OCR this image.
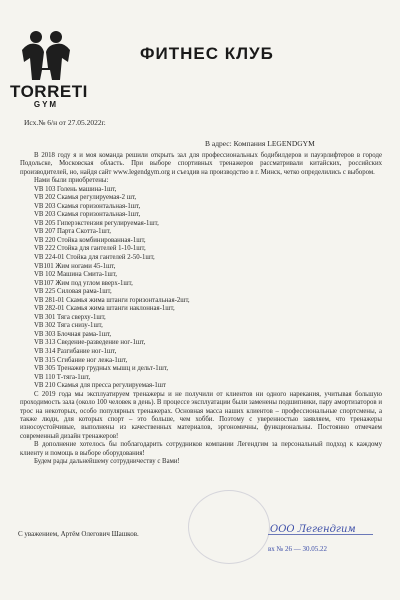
TORRETI
GYM
ФИТНЕС КЛУБ
Исх.№ 6/н от 27.05.2022г.
В адрес: Компания LEGENDGYM

В 2018 году я и моя команда решили открыть зал для профессиональных бодибилдеров и пауэрлифтеров в городе Подольске, Московская область. При выборе спортивных тренажеров рассматривали китайских, российских производителей, но, найдя сайт www.legendgym.org и съездив на производство в г. Минск, четко определились с выбором.

Нами были приобретены:

VB 103 Голень машина-1шт,
VB 202 Скамья регулируемая-2 шт,
VB 203 Скамья горизонтальная-1шт,
VB 203 Скамья горизонтальная-1шт,
VB 205 Гиперэкстензия регулируемая-1шт,
VB 207 Парта Скотта-1шт,
VB 220 Стойка комбинированная-1шт,
VB 222 Стойка для гантелей 1-10-1шт,
VB 224-01 Стойка для гантелей 2-50-1шт,
VB101 Жим ногами 45-1шт,
VB 102 Машина Смита-1шт,
VB107 Жим под углом вверх-1шт,
VB 225 Силовая рама-1шт,
VB 281-01 Скамья жима штанги горизонтальная-2шт,
VB 282-01 Скамья жима штанги наклонная-1шт,
VB 301 Тяга сверху-1шт,
VB 302 Тяга снизу-1шт,
VB 303 Блочная рама-1шт,
VB 313 Сведение-разведение ног-1шт,
VB 314 Разгибание ног-1шт,
VB 315 Сгибание ног лежа-1шт,
VB 305 Тренажер грудных мышц и дельт-1шт,
VB 110 Т-тяга-1шт,
VB 210 Скамья для пресса регулируемая-1шт

С 2019 года мы эксплуатируем тренажеры и не получили от клиентов ни одного нарекания, учитывая большую проходимость зала (около 100 человек в день). В процессе эксплуатации были заменены подшипники, пару амортизаторов и трос на некоторых, особо популярных тренажерах. Основная масса наших клиентов – профессиональные спортсмены, а также люди, для которых спорт – это больше, чем хобби. Поэтому с уверенностью заявляем, что тренажеры износоустойчивые, выполнены из качественных материалов, эргономичны, функциональны. Постоянно отмечаем современный дизайн тренажеров!

В дополнение хотелось бы поблагодарить сотрудников компании Легендгим за персональный подход к каждому клиенту и помощь в выборе оборудования!

Будем рады дальнейшему сотрудничеству с Вами!

С уважением, Артём Олегович Шашков.	ООО Легендгим
вх № 26 — 30.05.22
